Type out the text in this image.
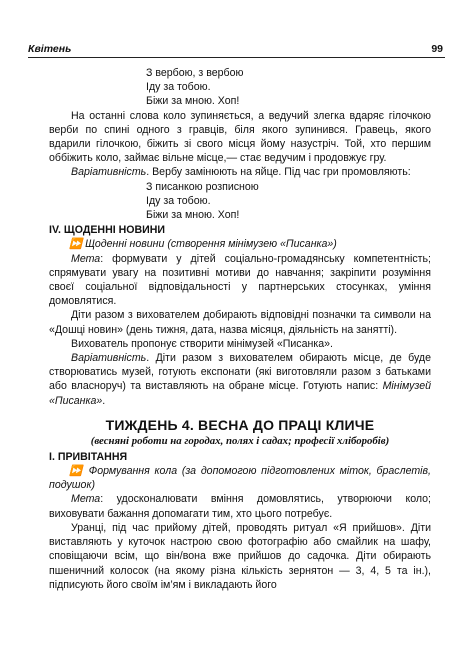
Квітень	99

З вербою, з вербою
Іду за тобою.
Біжи за мною. Хоп!

На останні слова коло зупиняється, а ведучий злегка вдаряє гілочкою верби по спині одного з гравців, біля якого зупинився. Гравець, якого вдарили гілочкою, біжить зі свого місця йому назустріч. Той, хто першим оббіжить коло, займає вільне місце,— стає ведучим і продовжує гру.

Варіативність. Вербу замінюють на яйце. Під час гри промовляють:

З писанкою розписною
Іду за тобою.
Біжи за мною. Хоп!

IV. ЩОДЕННІ НОВИНИ

⏩ Щоденні новини (створення мінімузею «Писанка»)

Мета: формувати у дітей соціально-громадянську компетентність; спрямувати увагу на позитивні мотиви до навчання; закріпити розуміння своєї соціальної відповідальності у партнерських стосунках, уміння домовлятися.

Діти разом з вихователем добирають відповідні позначки та символи на «Дошці новин» (день тижня, дата, назва місяця, діяльність на занятті).

Вихователь пропонує створити мінімузей «Писанка».

Варіативність. Діти разом з вихователем обирають місце, де буде створюватись музей, готують експонати (які виготовляли разом з батьками або власноруч) та виставляють на обране місце. Готують напис: Мінімузей «Писанка».

ТИЖДЕНЬ 4. ВЕСНА ДО ПРАЦІ КЛИЧЕ

(весняні роботи на городах, полях і садах; професії хліборобів)

I. ПРИВІТАННЯ

⏩ Формування кола (за допомогою підготовлених міток, браслетів, подушок)

Мета: удосконалювати вміння домовлятись, утворюючи коло; виховувати бажання допомагати тим, хто цього потребує.

Уранці, під час прийому дітей, проводять ритуал «Я прийшов». Діти виставляють у куточок настрою свою фотографію або смайлик на шафу, сповіщаючи всім, що він/вона вже прийшов до садочка. Діти обирають пшеничний колосок (на якому різна кількість зернятон — 3, 4, 5 та ін.), підписують його своїм ім’ям і викладають його
